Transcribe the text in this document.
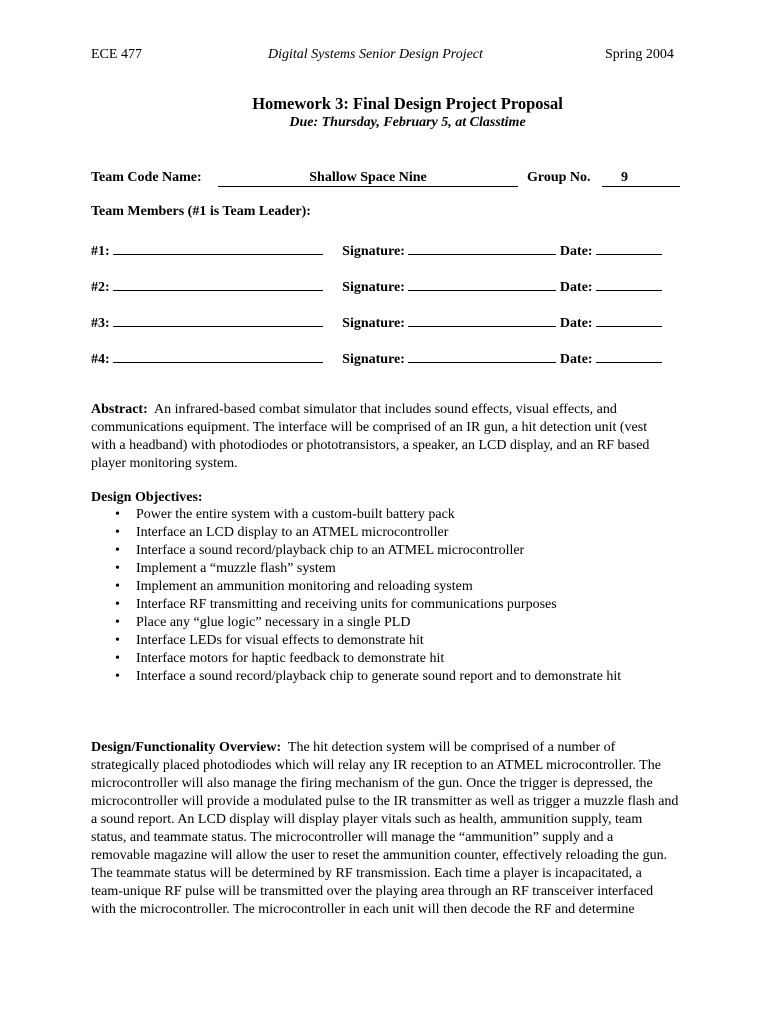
ECE 477	Digital Systems Senior Design Project	Spring 2004
Homework 3: Final Design Project Proposal
Due: Thursday, February 5, at Classtime
Team Code Name:	Shallow Space Nine	Group No.	9
Team Members (#1 is Team Leader):
#1:	Signature:	Date:
#2:	Signature:	Date:
#3:	Signature:	Date:
#4:	Signature:	Date:
Abstract: An infrared-based combat simulator that includes sound effects, visual effects, and
communications equipment. The interface will be comprised of an IR gun, a hit detection unit (vest
with a headband) with photodiodes or phototransistors, a speaker, an LCD display, and an RF based
player monitoring system.
Design Objectives:
• Power the entire system with a custom-built battery pack
• Interface an LCD display to an ATMEL microcontroller
• Interface a sound record/playback chip to an ATMEL microcontroller
• Implement a “muzzle flash” system
• Implement an ammunition monitoring and reloading system
• Interface RF transmitting and receiving units for communications purposes
• Place any “glue logic” necessary in a single PLD
• Interface LEDs for visual effects to demonstrate hit
• Interface motors for haptic feedback to demonstrate hit
• Interface a sound record/playback chip to generate sound report and to demonstrate hit
Design/Functionality Overview: The hit detection system will be comprised of a number of
strategically placed photodiodes which will relay any IR reception to an ATMEL microcontroller. The
microcontroller will also manage the firing mechanism of the gun. Once the trigger is depressed, the
microcontroller will provide a modulated pulse to the IR transmitter as well as trigger a muzzle flash and
a sound report. An LCD display will display player vitals such as health, ammunition supply, team
status, and teammate status. The microcontroller will manage the “ammunition” supply and a
removable magazine will allow the user to reset the ammunition counter, effectively reloading the gun.
The teammate status will be determined by RF transmission. Each time a player is incapacitated, a
team-unique RF pulse will be transmitted over the playing area through an RF transceiver interfaced
with the microcontroller. The microcontroller in each unit will then decode the RF and determine
